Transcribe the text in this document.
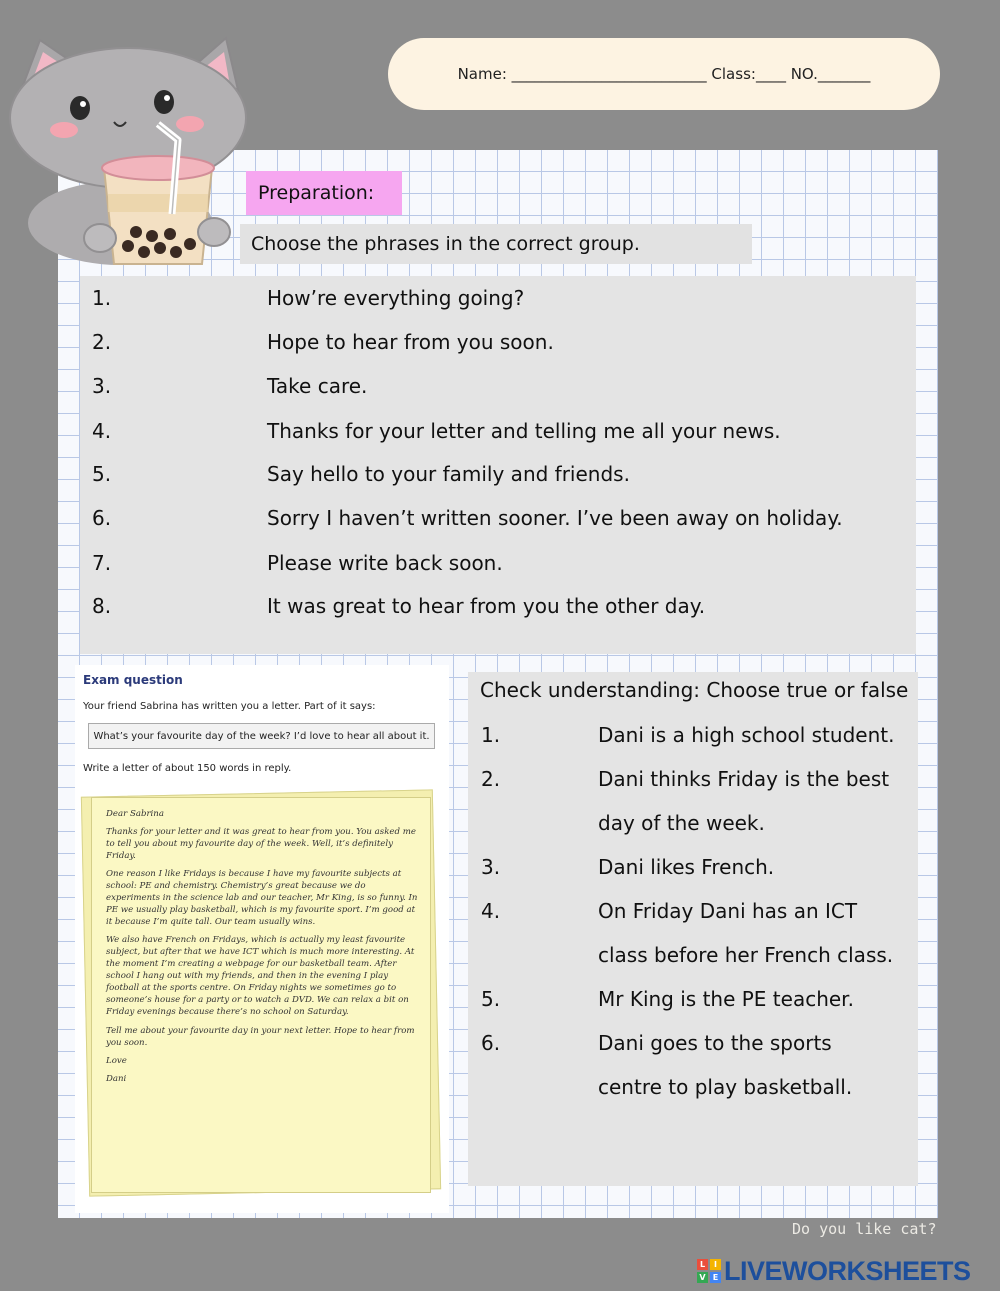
Name: __________________________ Class:____ NO._______
Preparation:
Choose the phrases in the correct group.
1.	How’re everything going?
2.	Hope to hear from you soon.
3.	Take care.
4.	Thanks for your letter and telling me all your news.
5.	Say hello to your family and friends.
6.	Sorry I haven’t written sooner. I’ve been away on holiday.
7.	Please write back soon.
8.	It was great to hear from you the other day.
Exam question
Your friend Sabrina has written you a letter. Part of it says:
What’s your favourite day of the week? I’d love to hear all about it.
Write a letter of about 150 words in reply.

Dear Sabrina

Thanks for your letter and it was great to hear from you. You asked me to tell you about my favourite day of the week. Well, it’s definitely Friday.

One reason I like Fridays is because I have my favourite subjects at school: PE and chemistry. Chemistry’s great because we do experiments in the science lab and our teacher, Mr King, is so funny. In PE we usually play basketball, which is my favourite sport. I’m good at it because I’m quite tall. Our team usually wins.

We also have French on Fridays, which is actually my least favourite subject, but after that we have ICT which is much more interesting. At the moment I’m creating a webpage for our basketball team. After school I hang out with my friends, and then in the evening I play football at the sports centre. On Friday nights we sometimes go to someone’s house for a party or to watch a DVD. We can relax a bit on Friday evenings because there’s no school on Saturday.

Tell me about your favourite day in your next letter. Hope to hear from you soon.

Love

Dani

Check understanding: Choose true or false
1.	Dani is a high school student.
2.	Dani thinks Friday is the best
day of the week.
3.	Dani likes French.
4.	On Friday Dani has an ICT
class before her French class.
5.	Mr King is the PE teacher.
6.	Dani goes to the sports
centre to play basketball.
Do you like cat?
L	I
V E LIVEWORKSHEETS
